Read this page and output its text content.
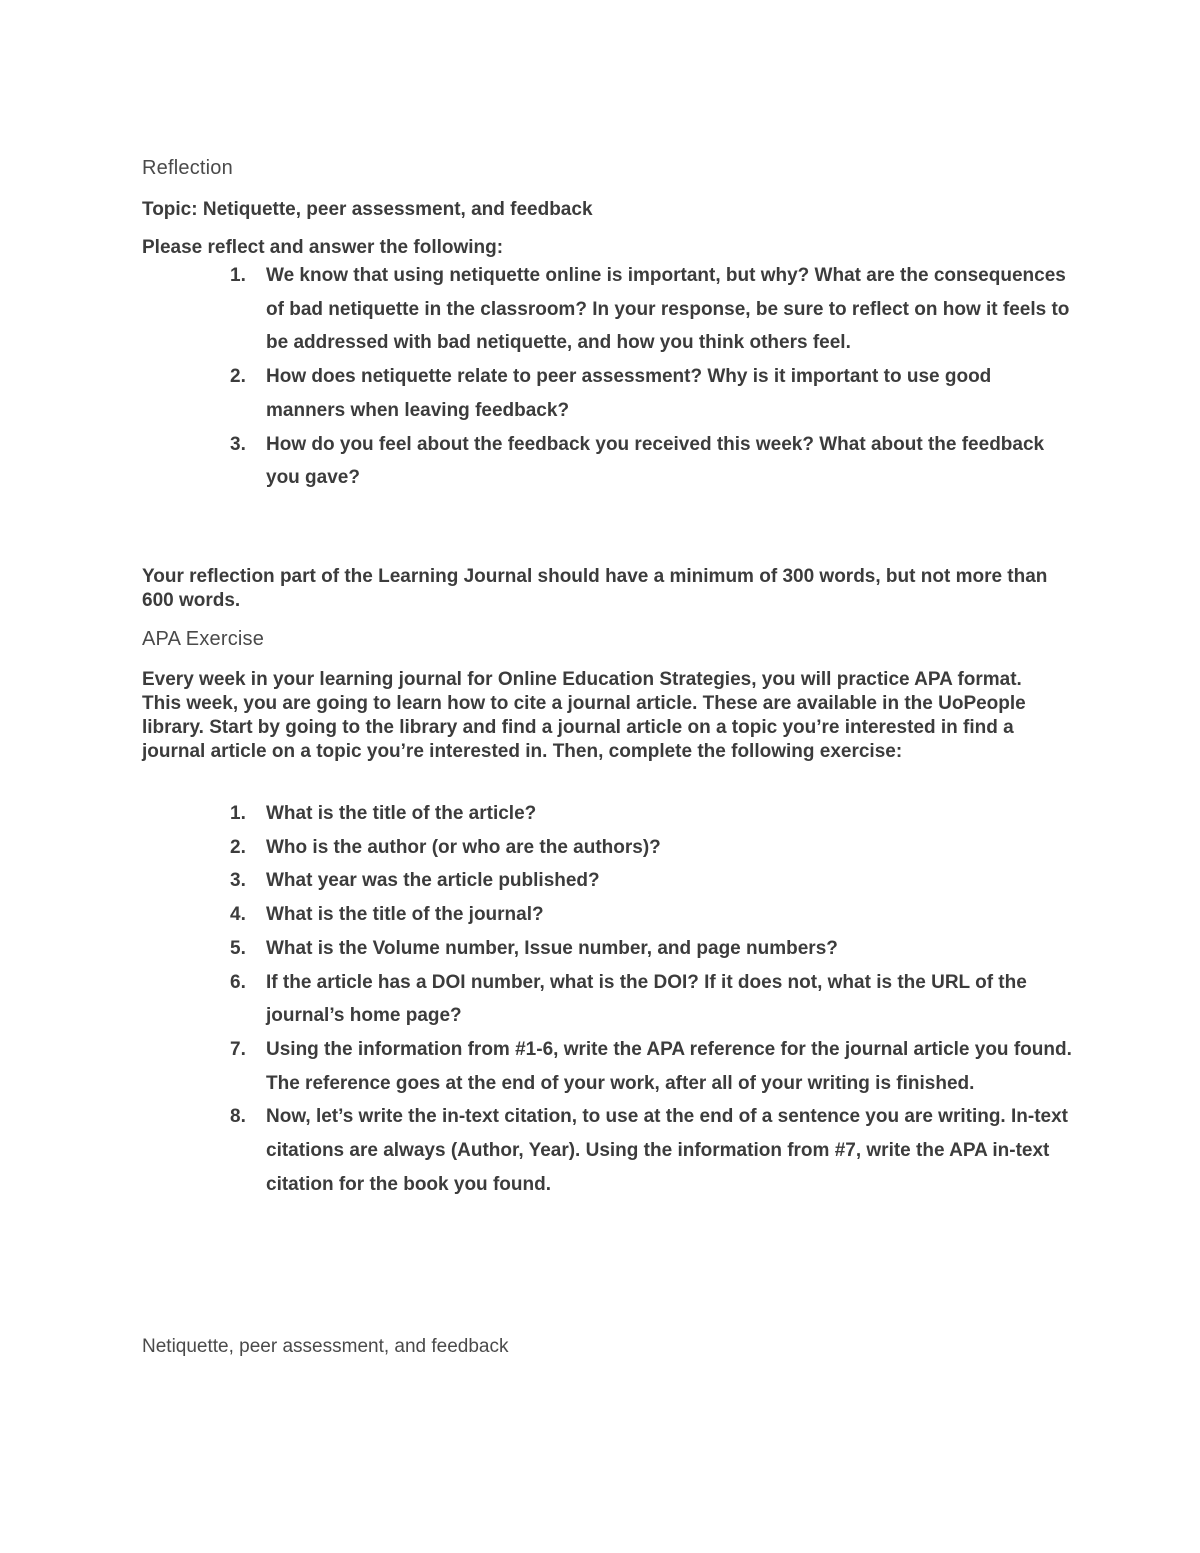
Reflection

Topic: Netiquette, peer assessment, and feedback

Please reflect and answer the following:

1. We know that using netiquette online is important, but why? What are the consequences of bad netiquette in the classroom? In your response, be sure to reflect on how it feels to be addressed with bad netiquette, and how you think others feel.
2. How does netiquette relate to peer assessment? Why is it important to use good manners when leaving feedback?
3. How do you feel about the feedback you received this week? What about the feedback you gave?

Your reflection part of the Learning Journal should have a minimum of 300 words, but not more than 600 words.

APA Exercise

Every week in your learning journal for Online Education Strategies, you will practice APA format. This week, you are going to learn how to cite a journal article. These are available in the UoPeople library. Start by going to the library and find a journal article on a topic you’re interested in find a journal article on a topic you’re interested in. Then, complete the following exercise:

1. What is the title of the article?
2. Who is the author (or who are the authors)?
3. What year was the article published?
4. What is the title of the journal?
5. What is the Volume number, Issue number, and page numbers?
6. If the article has a DOI number, what is the DOI? If it does not, what is the URL of the journal’s home page?
7. Using the information from #1-6, write the APA reference for the journal article you found. The reference goes at the end of your work, after all of your writing is finished.
8. Now, let’s write the in-text citation, to use at the end of a sentence you are writing. In-text citations are always (Author, Year). Using the information from #7, write the APA in-text citation for the book you found.

Netiquette, peer assessment, and feedback
